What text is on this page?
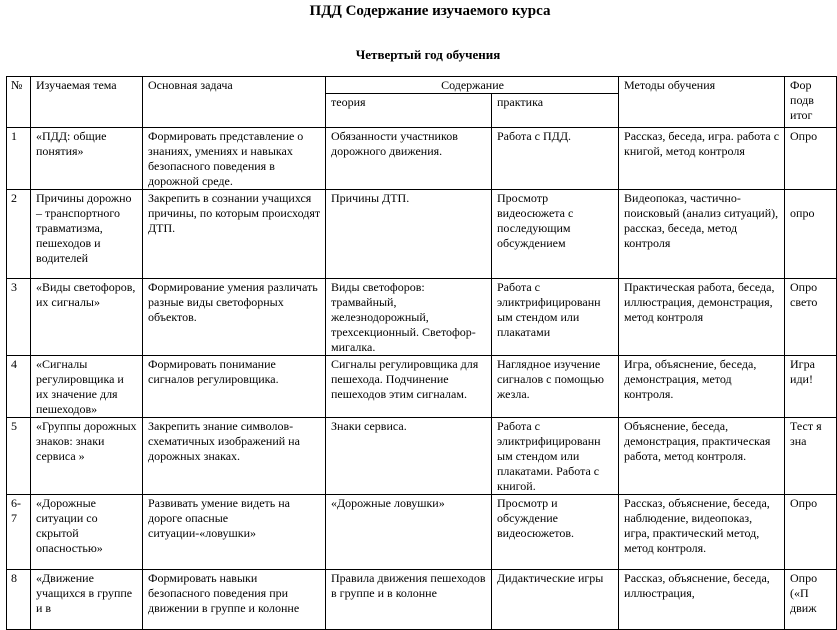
ПДД Содержание изучаемого курса
Четвертый год обучения
№	Изучаемая тема	Основная задача	Содержание		Методы обучения	Фор подв итог
			теория	практика		
1	«ПДД: общие понятия»	Формировать представление о знаниях, умениях и навыках безопасного поведения в дорожной среде.	Обязанности участников дорожного движения.	Работа с ПДД.	Рассказ, беседа, игра. работа с книгой, метод контроля	Опро
2	Причины дорожно – транспортного травматизма, пешеходов и водителей	Закрепить в сознании учащихся причины, по которым происходят ДТП.	Причины ДТП.	Просмотр видеосюжета с последующим обсуждением	Видеопоказ, частично-поисковый (анализ ситуаций), рассказ, беседа, метод контроля	опро
3	«Виды светофоров, их сигналы»	Формирование умения различать разные виды светофорных объектов.	Виды светофоров: трамвайный, железнодорожный, трехсекционный. Светофор-мигалка.	Работа с эликтрифицированн ым стендом или плакатами	Практическая работа, беседа, иллюстрация, демонстрация, метод контроля	Опро свето
4	«Сигналы регулировщика и их значение для пешеходов»	Формировать понимание сигналов регулировщика.	Сигналы регулировщика для пешехода. Подчинение пешеходов этим сигналам.	Наглядное изучение сигналов с помощью жезла.	Игра, объяснение, беседа, демонстрация, метод контроля.	Игра иди!
5	«Группы дорожных знаков: знаки сервиса »	Закрепить знание символов-схематичных изображений на дорожных знаках.	Знаки сервиса.	Работа с эликтрифицированн ым стендом или плакатами. Работа с книгой.	Объяснение, беседа, демонстрация, практическая работа, метод контроля.	Тест я зна
6-7	«Дорожные ситуации со скрытой опасностью»	Развивать умение видеть на дороге опасные ситуации-«ловушки»	«Дорожные ловушки»	Просмотр и обсуждение видеосюжетов.	Рассказ, объяснение, беседа, наблюдение, видеопоказ, игра, практический метод, метод контроля.	Опро
8	«Движение учащихся в группе и в	Формировать навыки безопасного поведения при движении в группе и колонне	Правила движения пешеходов в группе и в колонне	Дидактические игры	Рассказ, объяснение, беседа, иллюстрация,	Опро («П движ
